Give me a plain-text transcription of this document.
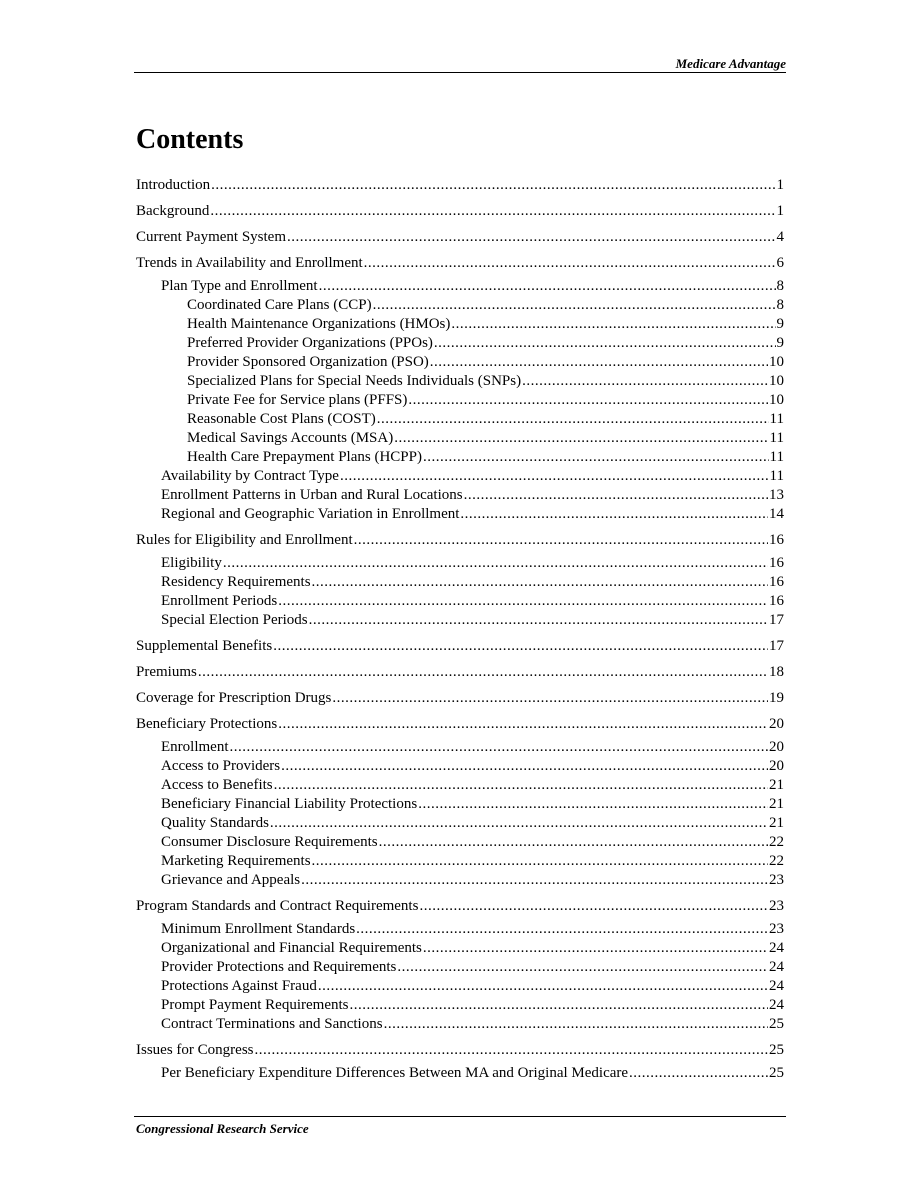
Medicare Advantage
Contents
Introduction .....	1
Background .....	1
Current Payment System .....	4
Trends in Availability and Enrollment .....	6
Plan Type and Enrollment .....	8
Coordinated Care Plans (CCP) .....	8
Health Maintenance Organizations (HMOs) .....	9
Preferred Provider Organizations (PPOs) .....	9
Provider Sponsored Organization (PSO) .....	10
Specialized Plans for Special Needs Individuals (SNPs) .....	10
Private Fee for Service plans (PFFS) .....	10
Reasonable Cost Plans (COST) .....	11
Medical Savings Accounts (MSA) .....	11
Health Care Prepayment Plans (HCPP) .....	11
Availability by Contract Type .....	11
Enrollment Patterns in Urban and Rural Locations .....	13
Regional and Geographic Variation in Enrollment .....	14
Rules for Eligibility and Enrollment .....	16
Eligibility .....	16
Residency Requirements .....	16
Enrollment Periods .....	16
Special Election Periods .....	17
Supplemental Benefits .....	17
Premiums .....	18
Coverage for Prescription Drugs .....	19
Beneficiary Protections .....	20
Enrollment .....	20
Access to Providers .....	20
Access to Benefits .....	21
Beneficiary Financial Liability Protections .....	21
Quality Standards .....	21
Consumer Disclosure Requirements .....	22
Marketing Requirements .....	22
Grievance and Appeals .....	23
Program Standards and Contract Requirements .....	23
Minimum Enrollment Standards .....	23
Organizational and Financial Requirements .....	24
Provider Protections and Requirements .....	24
Protections Against Fraud .....	24
Prompt Payment Requirements .....	24
Contract Terminations and Sanctions .....	25
Issues for Congress .....	25
Per Beneficiary Expenditure Differences Between MA and Original Medicare .....	25
Congressional Research Service
